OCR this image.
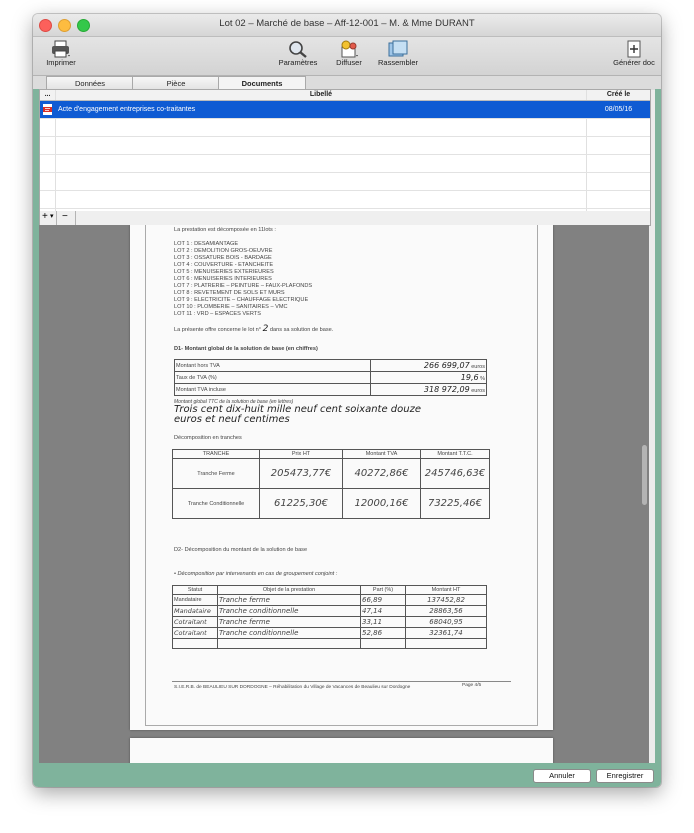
Lot 02 – Marché de base – Aff-12-001 – M. & Mme DURANT
Imprimer	Paramètres	Diffuser	Rassembler	Générer doc
Données	Pièce	Documents
...	Libellé	Créé le
Acte d'engagement entreprises co-traitantes	08/05/16
+ ▾ −
La prestation est décomposée en 11lots :
LOT 1 : DESAMIANTAGE
LOT 2 : DEMOLITION GROS-OEUVRE
LOT 3 : OSSATURE BOIS - BARDAGE
LOT 4 : COUVERTURE - ETANCHEITE
LOT 5 : MENUISERIES EXTERIEURES
LOT 6 : MENUISERIES INTERIEURES
LOT 7 : PLATRERIE – PEINTURE – FAUX-PLAFONDS
LOT 8 : REVETEMENT DE SOLS ET MURS
LOT 9 : ELECTRICITE – CHAUFFAGE ELECTRIQUE
LOT 10 : PLOMBERIE – SANITAIRES – VMC
LOT 11 : VRD – ESPACES VERTS
La présente offre concerne le lot n° 2 dans sa solution de base.
D1- Montant global de la solution de base (en chiffres)
Montant hors TVA	266 699,07 euros
Taux de TVA (%)	19,6 %
Montant TVA incluse	318 972,09 euros
Montant global TTC de la solution de base (en lettres)
Trois cent dix-huit mille neuf cent soixante douze
euros et neuf centimes
Décomposition en tranches
TRANCHE	Prix HT	Montant TVA	Montant T.T.C.
Tranche Ferme	205473,77€	40272,86€	245746,63€
Tranche Conditionnelle	61225,30€	12000,16€	73225,46€
D2- Décomposition du montant de la solution de base
• Décomposition par intervenants en cas de groupement conjoint :
Statut	Objet de la prestation	Part (%)	Montant HT
Mandataire	Tranche ferme	66,89	137452,82
Mandataire	Tranche conditionnelle	47,14	28863,56
Cotraitant	Tranche ferme	33,11	68040,95
Cotraitant	Tranche conditionnelle	52,86	32361,74

S.I.E.R.B. de BEAULIEU SUR DORDOGNE – Réhabilitation du Village de Vacances de Beaulieu sur Dordogne	Page 4/5
Annuler	Enregistrer
